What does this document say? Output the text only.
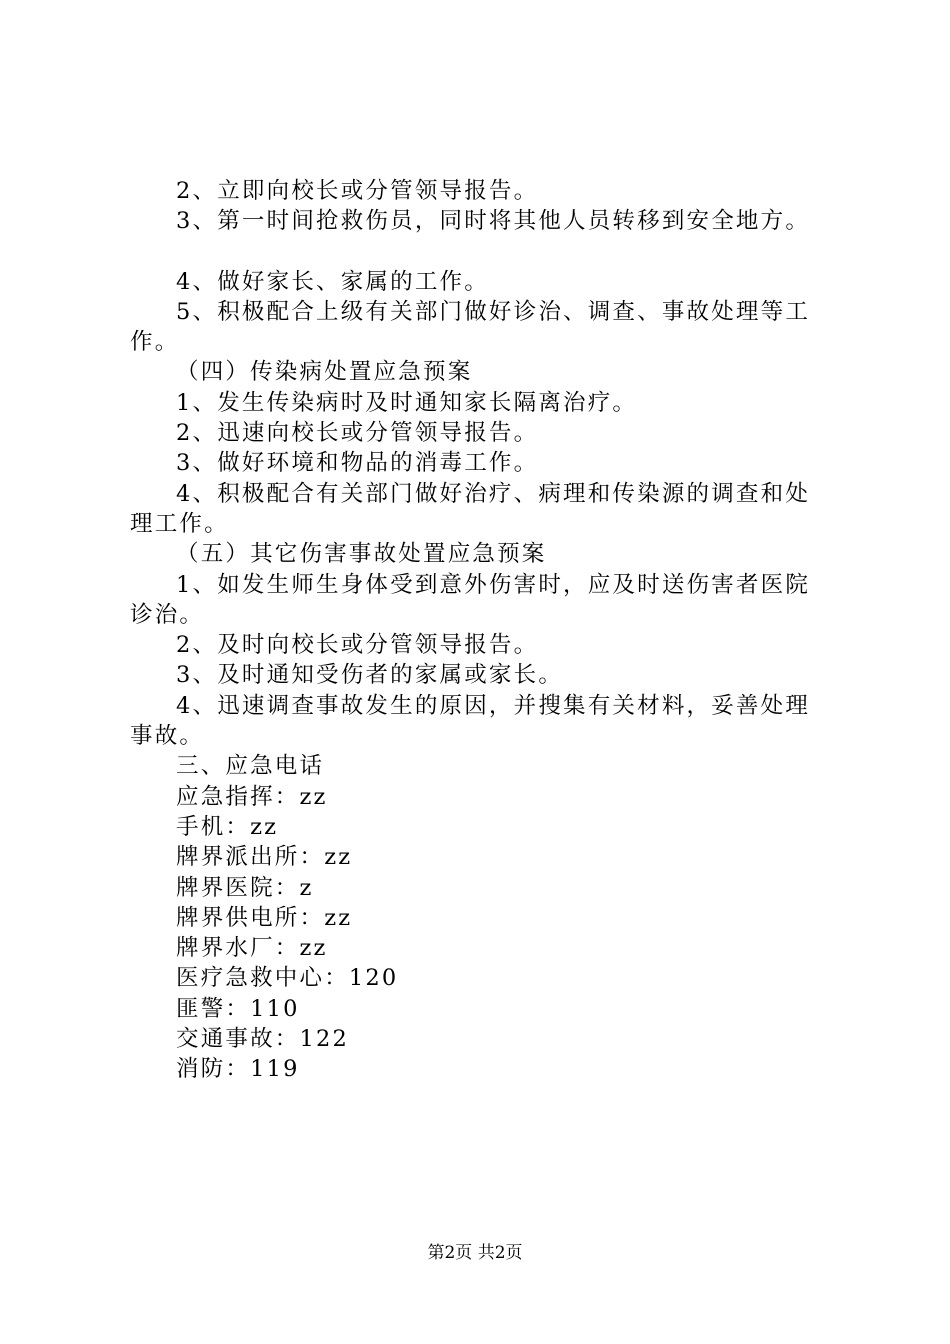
2、立即向校长或分管领导报告。

3、第一时间抢救伤员，同时将其他人员转移到安全地方。

4、做好家长、家属的工作。

5、积极配合上级有关部门做好诊治、调查、事故处理等工

作。

（四）传染病处置应急预案

1、发生传染病时及时通知家长隔离治疗。

2、迅速向校长或分管领导报告。

3、做好环境和物品的消毒工作。

4、积极配合有关部门做好治疗、病理和传染源的调查和处

理工作。

（五）其它伤害事故处置应急预案

1、如发生师生身体受到意外伤害时，应及时送伤害者医院

诊治。

2、及时向校长或分管领导报告。

3、及时通知受伤者的家属或家长。

4、迅速调查事故发生的原因，并搜集有关材料，妥善处理

事故。

三、应急电话

应急指挥：zz

手机：zz

牌界派出所：zz

牌界医院：z

牌界供电所：zz

牌界水厂：zz

医疗急救中心：120

匪警：110

交通事故：122

消防：119

第2页 共2页
